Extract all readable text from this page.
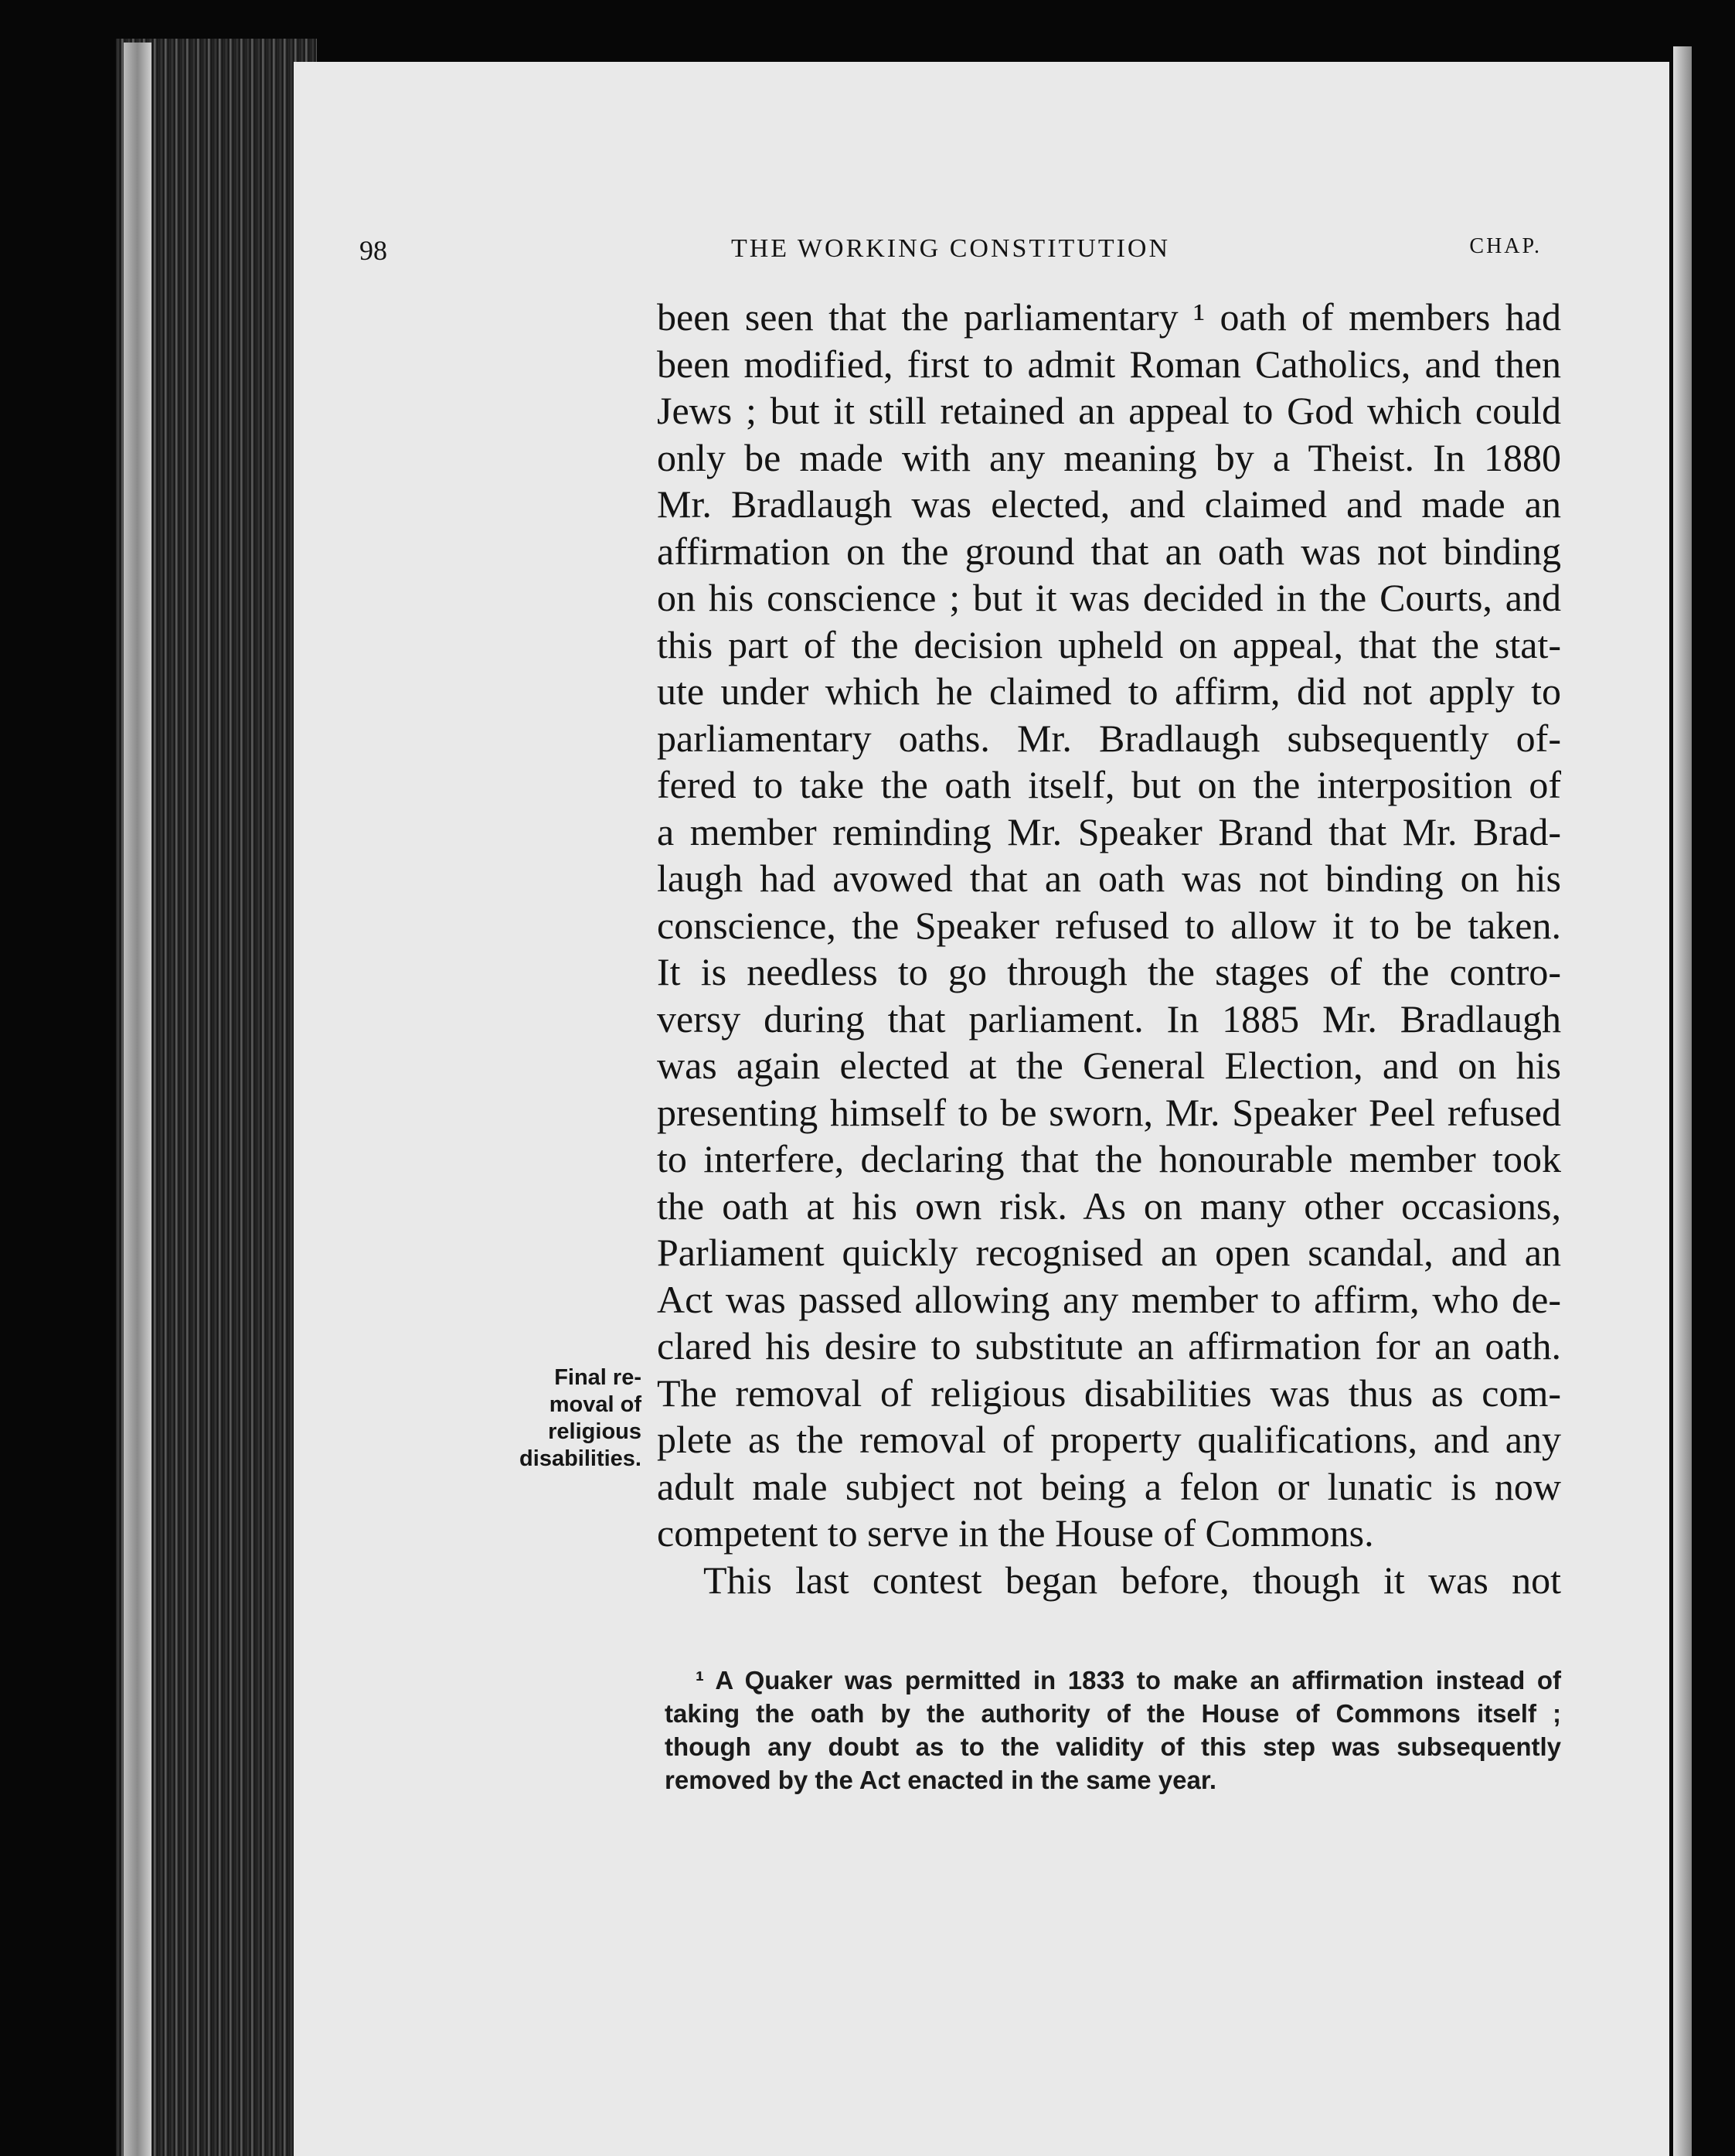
98	THE WORKING CONSTITUTION	CHAP.
been seen that the parliamentary ¹ oath of members had
been modified, first to admit Roman Catholics, and then
Jews ; but it still retained an appeal to God which could
only be made with any meaning by a Theist. In 1880
Mr. Bradlaugh was elected, and claimed and made an
affirmation on the ground that an oath was not binding
on his conscience ; but it was decided in the Courts, and
this part of the decision upheld on appeal, that the stat-
ute under which he claimed to affirm, did not apply to
parliamentary oaths. Mr. Bradlaugh subsequently of-
fered to take the oath itself, but on the interposition of
a member reminding Mr. Speaker Brand that Mr. Brad-
laugh had avowed that an oath was not binding on his
conscience, the Speaker refused to allow it to be taken.
It is needless to go through the stages of the contro-
versy during that parliament. In 1885 Mr. Bradlaugh
was again elected at the General Election, and on his
presenting himself to be sworn, Mr. Speaker Peel refused
to interfere, declaring that the honourable member took
the oath at his own risk. As on many other occasions,
Parliament quickly recognised an open scandal, and an
Act was passed allowing any member to affirm, who de-
clared his desire to substitute an affirmation for an oath.
The removal of religious disabilities was thus as com-
plete as the removal of property qualifications, and any
adult male subject not being a felon or lunatic is now
competent to serve in the House of Commons.
This last contest began before, though it was not
Final re-
moval of
religious
disabilities.
¹ A Quaker was permitted in 1833 to make an affirmation instead of
taking the oath by the authority of the House of Commons itself ;
though any doubt as to the validity of this step was subsequently
removed by the Act enacted in the same year.
